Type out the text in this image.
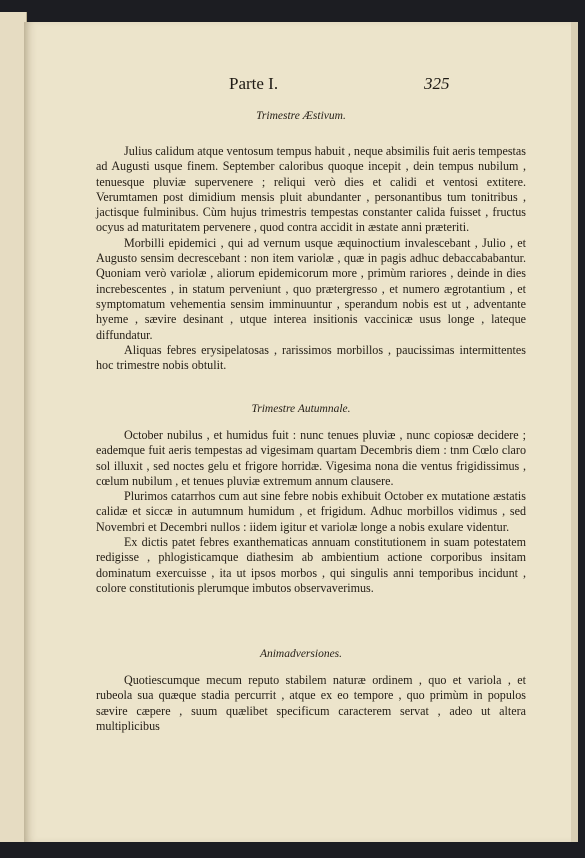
Parte I.	325
Trimestre Æstivum.

Julius calidum atque ventosum tempus habuit , neque absimilis fuit aeris tempestas ad Augusti usque finem. September caloribus quoque incepit , dein tempus nubilum , tenuesque pluviæ supervenere ; reliqui verò dies et calidi et ventosi extitere. Verumtamen post dimidium mensis pluit abundanter , personantibus tum tonitribus , jactisque fulminibus. Cùm hujus trimestris tempestas constanter calida fuisset , fructus ocyus ad maturitatem pervenere , quod contra accidit in æstate anni præteriti.

Morbilli epidemici , qui ad vernum usque æquinoctium invalescebant , Julio , et Augusto sensim decrescebant : non item variolæ , quæ in pagis adhuc debaccababantur. Quoniam verò variolæ , aliorum epidemicorum more , primùm rariores , deinde in dies increbescentes , in statum perveniunt , quo prætergresso , et numero ægrotantium , et symptomatum vehementia sensim imminuuntur , sperandum nobis est ut , adventante hyeme , sævire desinant , utque interea insitionis vaccinicæ usus longe , lateque diffundatur.

Aliquas febres erysipelatosas , rarissimos morbillos , paucissimas intermittentes hoc trimestre nobis obtulit.

Trimestre Autumnale.

October nubilus , et humidus fuit : nunc tenues pluviæ , nunc copiosæ decidere ; eademque fuit aeris tempestas ad vigesimam quartam Decembris diem : tnm Cœlo claro sol illuxit , sed noctes gelu et frigore horridæ. Vigesima nona die ventus frigidissimus , cœlum nubilum , et tenues pluviæ extremum annum clausere.

Plurimos catarrhos cum aut sine febre nobis exhibuit October ex mutatione æstatis calidæ et siccæ in autumnum humidum , et frigidum. Adhuc morbillos vidimus , sed Novembri et Decembri nullos : iidem igitur et variolæ longe a nobis exulare videntur.

Ex dictis patet febres exanthematicas annuam constitutionem in suam potestatem redigisse , phlogisticamque diathesim ab ambientium actione corporibus insitam dominatum exercuisse , ita ut ipsos morbos , qui singulis anni temporibus incidunt , colore constitutionis plerumque imbutos observaverimus.

Animadversiones.

Quotiescumque mecum reputo stabilem naturæ ordinem , quo et variola , et rubeola sua quæque stadia percurrit , atque ex eo tempore , quo primùm in populos sævire cæpere , suum quælibet specificum caracterem servat , adeo ut altera multiplicibus
